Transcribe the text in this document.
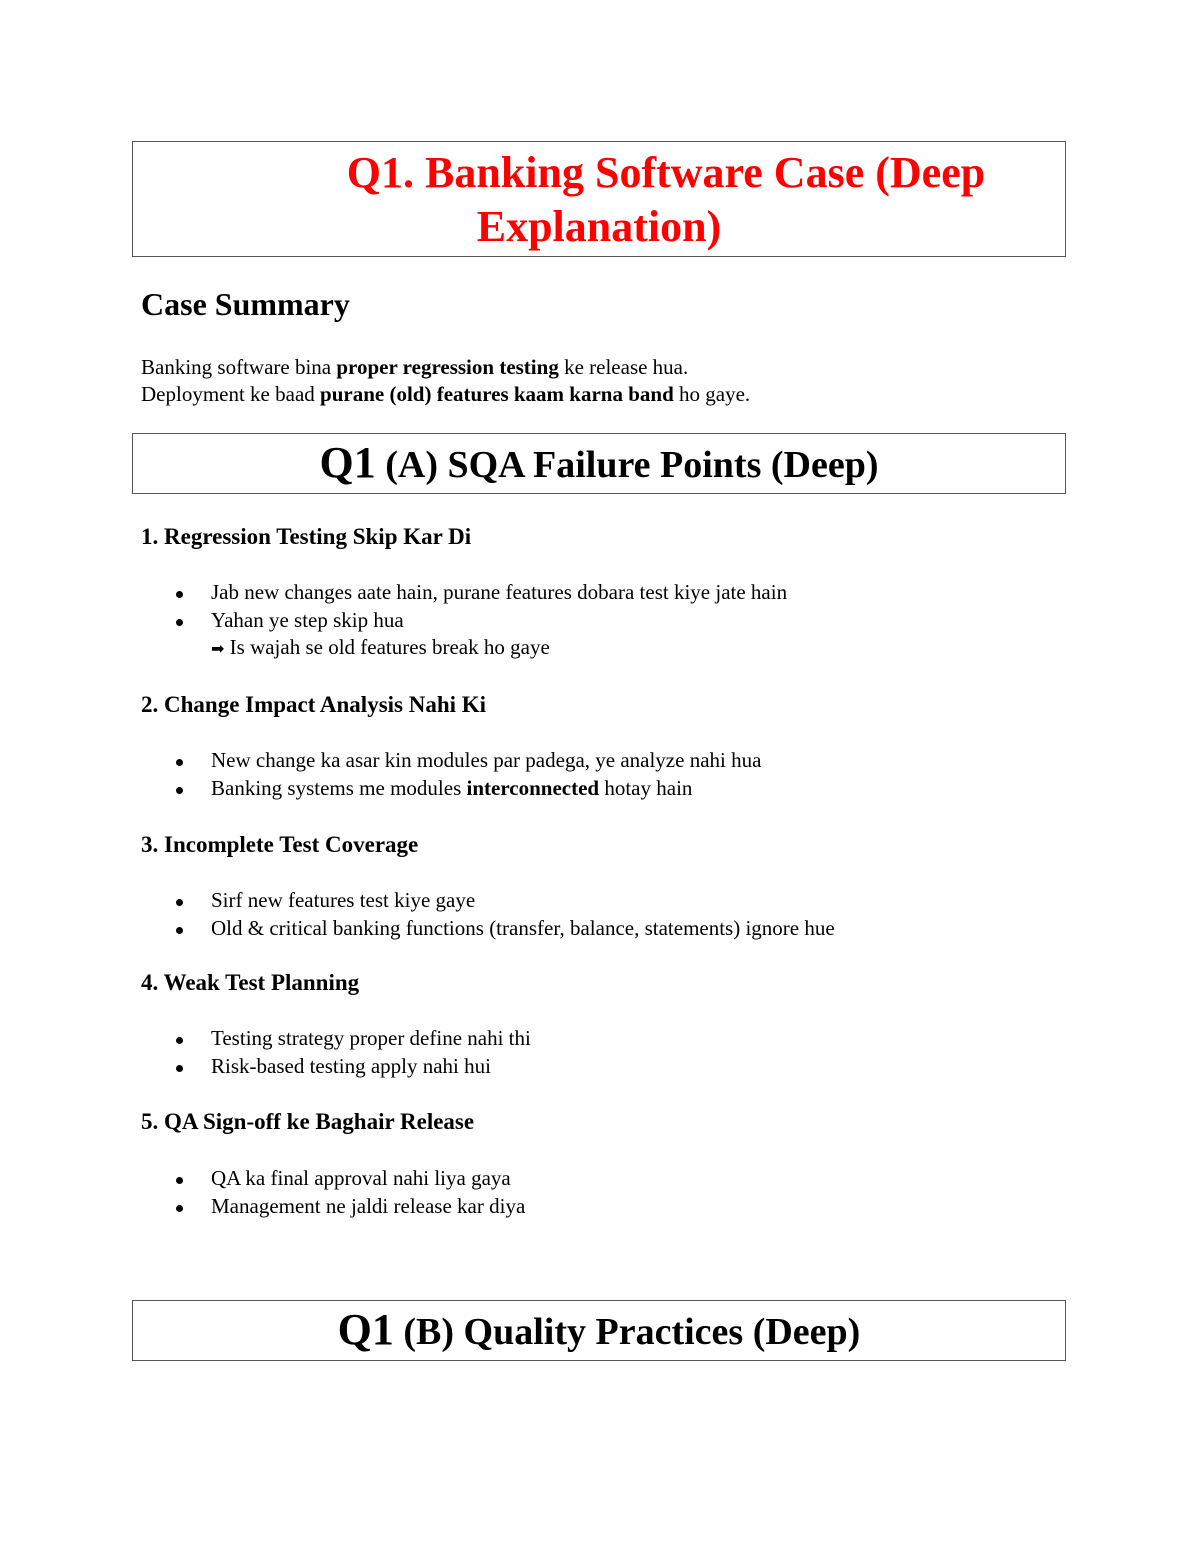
Q1. Banking Software Case (Deep
Explanation)
Case Summary

Banking software bina proper regression testing ke release hua.
Deployment ke baad purane (old) features kaam karna band ho gaye.

Q1 (A) SQA Failure Points (Deep)
1. Regression Testing Skip Kar Di
Jab new changes aate hain, purane features dobara test kiye jate hain
Yahan ye step skip hua
➡ Is wajah se old features break ho gaye
2. Change Impact Analysis Nahi Ki
New change ka asar kin modules par padega, ye analyze nahi hua
Banking systems me modules interconnected hotay hain
3. Incomplete Test Coverage
Sirf new features test kiye gaye
Old & critical banking functions (transfer, balance, statements) ignore hue
4. Weak Test Planning
Testing strategy proper define nahi thi
Risk-based testing apply nahi hui
5. QA Sign-off ke Baghair Release
QA ka final approval nahi liya gaya
Management ne jaldi release kar diya
Q1 (B) Quality Practices (Deep)
